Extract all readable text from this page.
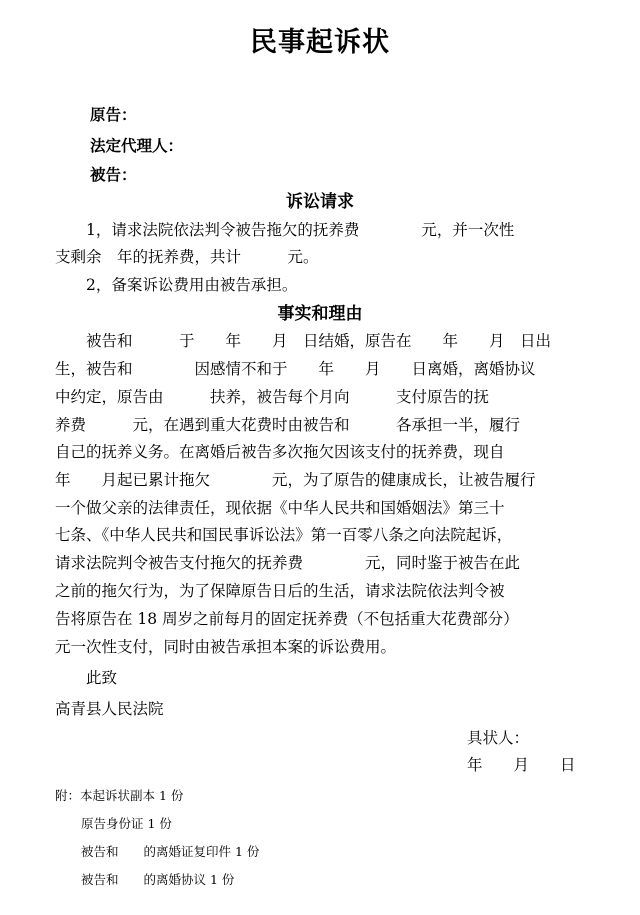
民事起诉状
原告：
法定代理人：
被告：
诉讼请求
　　1，请求法院依法判令被告拖欠的抚养费　　　　元，并一次性
支剩余　年的抚养费，共计　　　元。
　　2，备案诉讼费用由被告承担。
事实和理由
　　被告和　　　于　　年　　月　日结婚，原告在　　年　　月　日出
生，被告和　　　　因感情不和于　　年　　月　　日离婚，离婚协议
中约定，原告由　　　扶养，被告每个月向　　　支付原告的抚
养费　　　元，在遇到重大花费时由被告和　　　各承担一半，履行
自己的抚养义务。在离婚后被告多次拖欠因该支付的抚养费，现自
年　　月起已累计拖欠　　　　元，为了原告的健康成长，让被告履行
一个做父亲的法律责任，现依据《中华人民共和国婚姻法》第三十
七条、《中华人民共和国民事诉讼法》第一百零八条之向法院起诉，
请求法院判令被告支付拖欠的抚养费　　　　元，同时鉴于被告在此
之前的拖欠行为，为了保障原告日后的生活，请求法院依法判令被
告将原告在 18 周岁之前每月的固定抚养费（不包括重大花费部分）
元一次性支付，同时由被告承担本案的诉讼费用。
　　此致
高青县人民法院
具状人：
年　　月　　日
附：本起诉状副本 1 份
原告身份证 1 份
被告和　　的离婚证复印件 1 份
被告和　　的离婚协议 1 份
